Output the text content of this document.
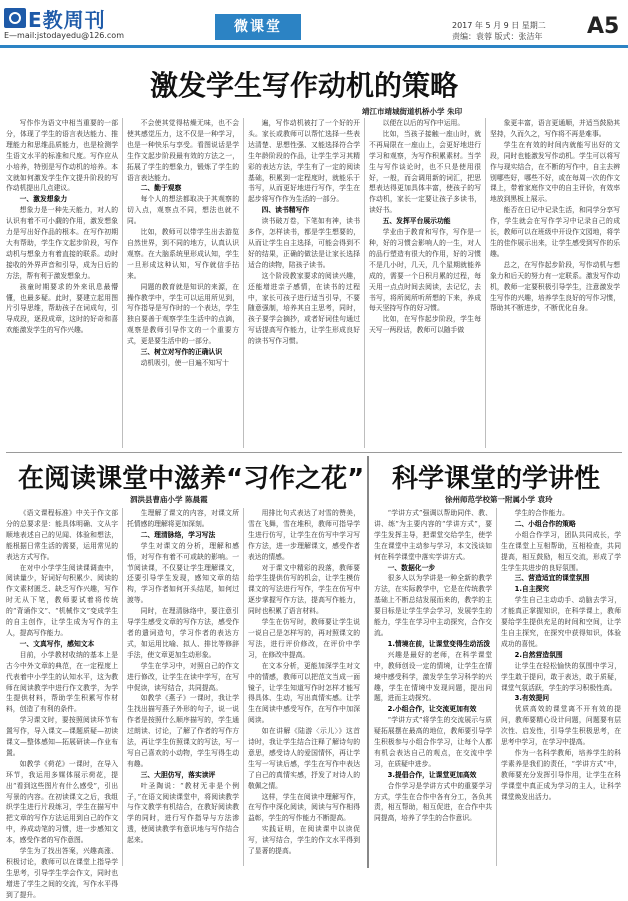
E教周刊
E—mail:jstodayedu@126.com
微课堂	2017 年 5 月 9 日 星期二
责编：袁蓉 版式：张洁年 A5
激发学生写作动机的策略
靖江市靖城街道机桥小学 朱印

写作作为语文中相当重要的一部分，体现了学生的语言表达能力、推理能力和思维品质能力，也是检测学生语文水平的标准和尺度。写作应从小培养，特别是写作动机的培养。本文就如何激发学生作文提升阶段的写作动机提出几点建议。

一、激发想象力

想象力是一种先天能力，对人的认识有着不可小觑的作用，激发想象力是写出好作品的根本。在写作初期大有帮助，学生作文起步阶段，写作动机与想象力有着直接的联系。动时接收的外界声音和引导，成为日后的方法，帮有利于激发想象力。

孩童时期要求的外来讯息最懵懂，也最多疑。此时，要建立起用图片引导思维，帮助孩子在词成句，引导成段，逐段成章，这时的好奇和喜欢能激发学生的写作兴趣。

不会使其觉得枯燥无味，也不会使其感觉压力，这不仅是一种学习，也是一种快乐与享受。看图说话是学生作文起步阶段最有效的方法之一，拓展了学生的想象力，锻炼了学生的语言表达能力。

二、勤于观察

每个人的想法都取决于其观察的切入点，观察点不同，想法也就不同。

比如，教师可以带学生出去游览自然世界，到不同的地方，认真认识观察。在大脑系统里形成认知，学生一旦形成这种认知，写作就信手拈来。

同题的教育就是知识的来源，在操作教学中，学生可以运用所见到，写作指导是写作时的一个表达，学生独自要善于观察学生生活中的点滴，观察是教师引导作文的一个重要方式，更是要生活中的一部分。

三、树立对写作的正确认识

动机吸引，使一目遍不知写十

遍，写作动机被打了一个好的开头。家长或教师可以帮忙选择一些表达清楚、思想性强、又能选择符合学生年龄阶段的作品，让学生学习其精彩的表达方法，学生有了一定的阅读基础，积累到一定程度时，就能乐于书写，从而更好地进行写作，学生在起步将写作作为生活的一部分。

四、读书精写作

读书破万卷，下笔如有神，读书多作，怎样读书，都是学生想要的，从而让学生自主选择，可能会得到不好的结果，正确的做法是让家长选择适合的读物，陪孩子读书。

这个阶段教家要求的阅读兴趣，还能增进亲子感情，在读书的过程中，家长可孩子进行适当引导，不要随意强制，培养其自主思考，同时，孩子要学会摘抄，或者好词佳句通过写话提高写作能力，让学生形成良好的读书写作习惯。

以便在以后的写作中运用。

比如，当孩子接触一座山时，就不再局限在一座山上，会更好地进行学习和观察，为写作积累素材。当学生与写作谈论时，也不只是使用很好，一般，而会调用新的词汇，把思想表达得更加具体丰富，使孩子的写作动机，家长一定要让孩子多读书，读好书。

五、发挥平台展示功能

学业由于教育和写作，写作是一种，好的习惯会影响人的一生，对人的品行塑造有很大的作用，好的习惯不是几小时，几天，几个星期就能养成的，需要一个日积月累的过程，每天用一点点时间去阅读，去记忆，去书写，将所阅所听所想的下来，养成每天坚持写作的好习惯。

比如，在写作起步阶段，学生每天写一两段话，教师可以随手做

象更丰富，语言更通顺，并适当鼓励其坚持，久而久之，写作将不再是难事。

学生在有效的时间内就能写出好的文段，同时也能激发写作动机。学生可以将写作与现实结合，在不断的写作中，自主去辨别哪些好，哪些不好，或在每周一次的作文课上，带着家庭作文中的自主评价，有效率地放到黑板上展示。

能否在日记中记录生活，和同学分享写作，学生就会在写作学习中记录自己的成长，教师可以在班级中开设作文园地，将学生的佳作展示出来，让学生感受到写作的乐趣。

总之，在写作起步阶段，写作动机与想象力和后天的努力有一定联系。激发写作动机，教师一定要积极引导学生，注意激发学生写作的兴趣，培养学生良好的写作习惯，帮助其不断进步，不断优化自身。

在阅读课堂中滋养“习作之花”
泗洪县曹庙小学 陈晨霞

《语文课程标准》中关于作文部分的总要求是：能具体明确、文从字顺地表述自己的见闻、体验和想法，能根据日常生活的需要，运用常见的表达方式写作。

在对中小学学生阅读课调查中，阅读量少，好词好句积累少、阅读的作文素材匮乏、缺乏写作兴趣，写作时无从下笔，教师要试着将传统的“背诵作文”、“机械作文”变成学生的自主创作，让学生成为写作的主人，提高写作能力。

一、文真写作，感知文本

目前，小学教材收纳的基本上是古今中外文章的典范，在一定程度上代表着中小学生的认知水平，这为教师在阅读教学中进行作文教学，为学生提供材料，帮助学生积累写作材料，创造了有利的条件。

学习课文时，要按照阅读环节布置写作，导入课文—课题质疑—初读课文—整体感知—拓展研读—作业布置。

如教学《荷花》一课时，在导入环节，我运用多媒体展示荷花，提出“看到这些图片有什么感受”，引出写景的内容。在初读课文之后，我组织学生进行片段练习，学生在描写中把文章的写作方法运用到自己的作文中，养成动笔的习惯，进一步感知文本，感受作者的写作意图。

学生为了找出答案，兴趣高涨、积极讨论，教师可以在课堂上指导学生思考，引导学生学会作文，同时也增进了学生之间的交流，写作水平得到了提升。

生理解了课文的内容，对课文所托情感的理解将更加深刻。

二、理清脉络，学习写法

学生对课文的分析，理解和感悟，对写作有着不可或缺的影响。一节阅读课，不仅要让学生理解课文，还要引导学生发现，感知文章的结构，学习作者如何开头结尾，如何过渡等。

同时，在理清脉络中，要注意引导学生感受文章的写作方法，感受作者的遣词造句，学习作者的表达方式，如运用比喻、拟人、排比等修辞手法，使文章更加生动形象。

学生在学习中，对照自己的作文进行修改，让学生在读中学写，在写中促读，读写结合，共同提高。

如教学《燕子》一课时，我让学生找出描写燕子外形的句子，说一说作者是按照什么顺序描写的，学生通过朗读、讨论，了解了作者的写作方法，再让学生仿照课文的写法，写一写自己喜欢的小动物，学生写得生动有趣。

三、大胆仿写，落实读评

叶圣陶说：“教材无非是个例子，”在语文阅读课堂中，将阅读教学与作文教学有机结合，在教好阅读教学的同时，进行写作指导与方法渗透，使阅读教学有意识地与写作结合起来。

用排比句式表达了对雪的赞美，雪在飞舞，雪在堆积，教师可指导学生进行仿写，让学生在仿写中学习写作方法，进一步理解课文，感受作者表达的情感。

对于课文中精彩的段落，教师要给学生提供仿写的机会，让学生模仿课文的写法进行写作，学生在仿写中逐步掌握写作方法，提高写作能力，同时也积累了语言材料。

学生在仿写时，教师要让学生说一说自己是怎样写的，再对照课文的写法，进行评价修改，在评价中学习，在修改中提高。

在文本分析，更能加深学生对文中的情感，教师可以把范文当成一面镜子，让学生知道写作时怎样才能写得具体、生动，写出真情实感。让学生在阅读中感受写作，在写作中加深阅读。

如在讲解《陆游〈示儿〉》这首诗时，我让学生结合注释了解诗句的意思，感受诗人的爱国情怀，再让学生写一写读后感，学生在写作中表达了自己的真情实感，抒发了对诗人的敬佩之情。

这样，学生在阅读中理解写作，在写作中深化阅读，阅读与写作相得益彰，学生的写作能力不断提高。

实践证明，在阅读课中以读促写，读写结合，学生的作文水平得到了显著的提高。

科学课堂的学讲性
徐州师范学校第一附属小学 袁玲

“学讲方式”强调以帮助同伴、教、讲、练”为主要内容的“学讲方式”，要学生发挥主导，把课堂交给学生，使学生在课堂中主动参与学习，本文浅谈如何在科学课堂中落实学讲方式。

一、数据化一步

很多人以为学讲是一种全新的教学方法，在实际教学中，它是在传统教学基础上不断总结发展而来的，教学的主要目标是让学生学会学习，发展学生的能力，学生在学习中主动探究，合作交流。

1.情境在前，让课堂变得生动活泼

兴趣是最好的老师，在科学课堂中，教师创设一定的情境，让学生在情境中感受科学，激发学生学习科学的兴趣，学生在情境中发现问题，提出问题，进而主动探究。

2.小组合作，让交流更加有效

“学讲方式”将学生的交流展示与质疑拓展摆在最高的地位，教师要引导学生积极参与小组合作学习，让每个人都有机会表达自己的观点，在交流中学习，在质疑中进步。

3.提倡合作，让课堂更加高效

合作学习是学讲方式中的重要学习方式，学生在合作中各有分工，各负其责，相互帮助，相互促进，在合作中共同提高，培养了学生的合作意识。

学生的合作能力。

二、小组合作的策略

小组合作学习，团队共同成长，学生在课堂上互相帮助，互相检查，共同提高，相互鼓励，相互交流，形成了学生学生共进步的良好氛围。

三、营造适宜的课堂氛围

1.自主探究

学生自己主动动手、动脑去学习，才能真正掌握知识，在科学课上，教师要给学生提供充足的时间和空间，让学生自主探究，在探究中获得知识，体验成功的喜悦。

2.自然营造氛围

让学生在轻松愉快的氛围中学习，学生敢于提问，敢于表达，敢于质疑，课堂气氛活跃，学生的学习积极性高。

3.有效提问

优质高效的课堂离不开有效的提问，教师要精心设计问题，问题要有层次性、启发性，引导学生积极思考，在思考中学习，在学习中提高。

作为一名科学教师，培养学生的科学素养是我们的责任，“学讲方式”中，教师要充分发挥引导作用，让学生在科学课堂中真正成为学习的主人，让科学课堂焕发出活力。
